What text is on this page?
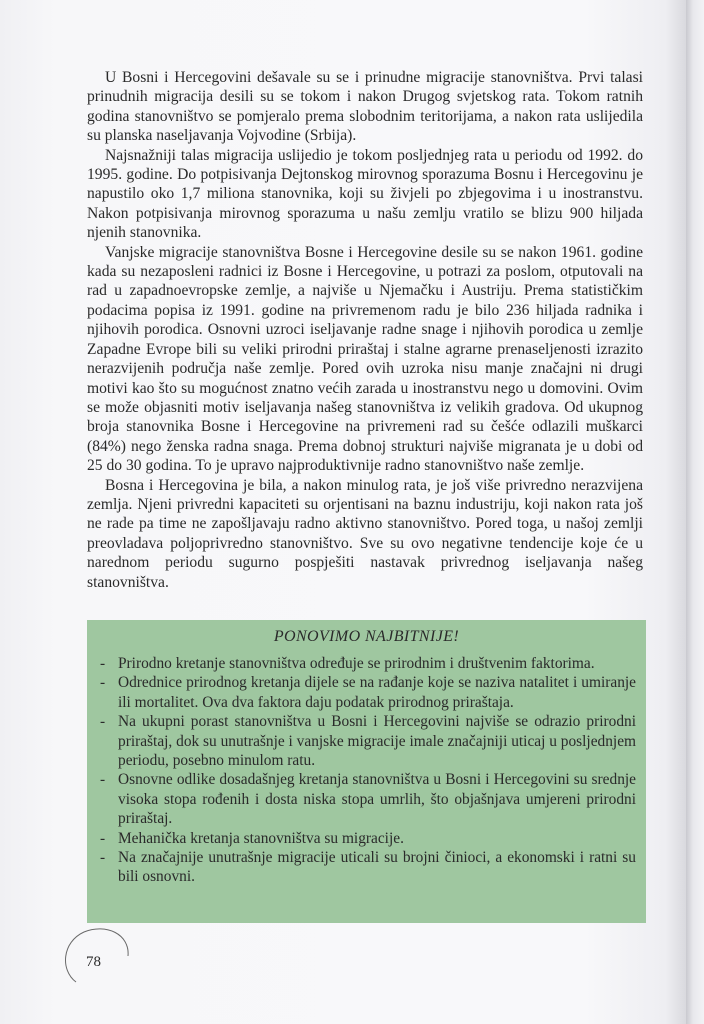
U Bosni i Hercegovini dešavale su se i prinudne migracije stanovništva. Prvi talasi prinudnih migracija desili su se tokom i nakon Drugog svjetskog rata. Tokom ratnih godina stanovništvo se pomjeralo prema slobodnim teritorijama, a nakon rata uslijedila su planska naseljavanja Vojvodine (Srbija).

Najsnažniji talas migracija uslijedio je tokom posljednjeg rata u periodu od 1992. do 1995. godine. Do potpisivanja Dejtonskog mirovnog sporazuma Bosnu i Hercegovinu je napustilo oko 1,7 miliona stanovnika, koji su živjeli po zbjegovima i u inostranstvu. Nakon potpisivanja mirovnog sporazuma u našu zemlju vratilo se blizu 900 hiljada njenih stanovnika.

Vanjske migracije stanovništva Bosne i Hercegovine desile su se nakon 1961. godine kada su nezaposleni radnici iz Bosne i Hercegovine, u potrazi za poslom, otputovali na rad u zapadnoevropske zemlje, a najviše u Njemačku i Austriju. Prema statističkim podacima popisa iz 1991. godine na privremenom radu je bilo 236 hiljada radnika i njihovih porodica. Osnovni uzroci iseljavanje radne snage i njihovih porodica u zemlje Zapadne Evrope bili su veliki prirodni priraštaj i stalne agrarne prenaseljenosti izrazito nerazvijenih područja naše zemlje. Pored ovih uzroka nisu manje značajni ni drugi motivi kao što su mogućnost znatno većih zarada u inostranstvu nego u domovini. Ovim se može objasniti motiv iseljavanja našeg stanovništva iz velikih gradova. Od ukupnog broja stanovnika Bosne i Hercegovine na privremeni rad su češće odlazili muškarci (84%) nego ženska radna snaga. Prema dobnoj strukturi najviše migranata je u dobi od 25 do 30 godina. To je upravo najproduktivnije radno stanovništvo naše zemlje.

Bosna i Hercegovina je bila, a nakon minulog rata, je još više privredno nerazvijena zemlja. Njeni privredni kapaciteti su orjentisani na baznu industriju, koji nakon rata još ne rade pa time ne zapošljavaju radno aktivno stanovništvo. Pored toga, u našoj zemlji preovladava poljoprivredno stanovništvo. Sve su ovo negativne tendencije koje će u narednom periodu sugurno pospješiti nastavak privrednog iseljavanja našeg stanovništva.

PONOVIMO NAJBITNIJE!
- Prirodno kretanje stanovništva određuje se prirodnim i društvenim faktorima.
- Odrednice prirodnog kretanja dijele se na rađanje koje se naziva natalitet i umiranje ili mortalitet. Ova dva faktora daju podatak prirodnog priraštaja.
- Na ukupni porast stanovništva u Bosni i Hercegovini najviše se odrazio prirodni priraštaj, dok su unutrašnje i vanjske migracije imale značajniji uticaj u posljednjem periodu, posebno minulom ratu.
- Osnovne odlike dosadašnjeg kretanja stanovništva u Bosni i Hercegovini su srednje visoka stopa rođenih i dosta niska stopa umrlih, što objašnjava umjereni prirodni priraštaj.
- Mehanička kretanja stanovništva su migracije.
- Na značajnije unutrašnje migracije uticali su brojni činioci, a ekonomski i ratni su bili osnovni.
78
